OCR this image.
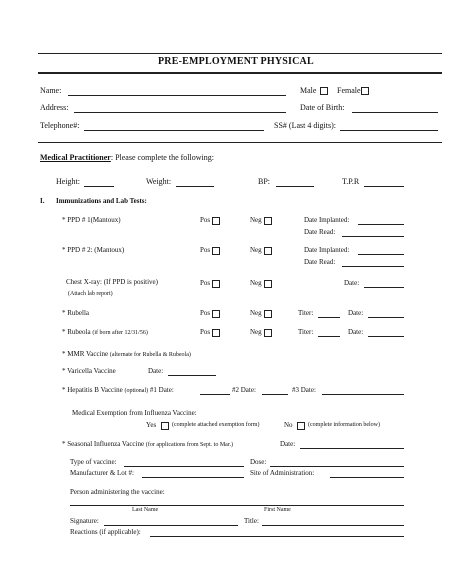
PRE-EMPLOYMENT PHYSICAL
Name:	Male	Female
Address:	Date of Birth:
Telephone#:	SS# (Last 4 digits):
Medical Practitioner: Please complete the following:
Height:	Weight:	BP:	T.P.R
I. Immunizations and Lab Tests:
* PPD # 1(Mantoux)	Pos	Neg	Date Implanted:
Date Read:
* PPD # 2: (Mantoux)	Pos	Neg	Date Implanted:
Date Read:
Chest X-ray: (If PPD is positive)
(Attach lab report)
Pos	Neg	Date:
* Rubella	Pos	Neg	Titer:	Date:
* Rubeola (if born after 12/31/56)	Pos	Neg	Titer:	Date:
* MMR Vaccine (alternate for Rubella & Rubeola)
* Varicella Vaccine	Date:
* Hepatitis B Vaccine (optional) #1 Date:	#2 Date:	#3 Date:
Medical Exemption from Influenza Vaccine:
Yes	(complete attached exemption form)	No	(complete information below)
* Seasonal Influenza Vaccine (for applications from Sept. to Mar.)	Date:
Type of vaccine:	Dose:
Manufacturer & Lot #:	Site of Administration:
Person administering the vaccine:
Last Name	First Name
Signature:	Title:
Reactions (if applicable):
